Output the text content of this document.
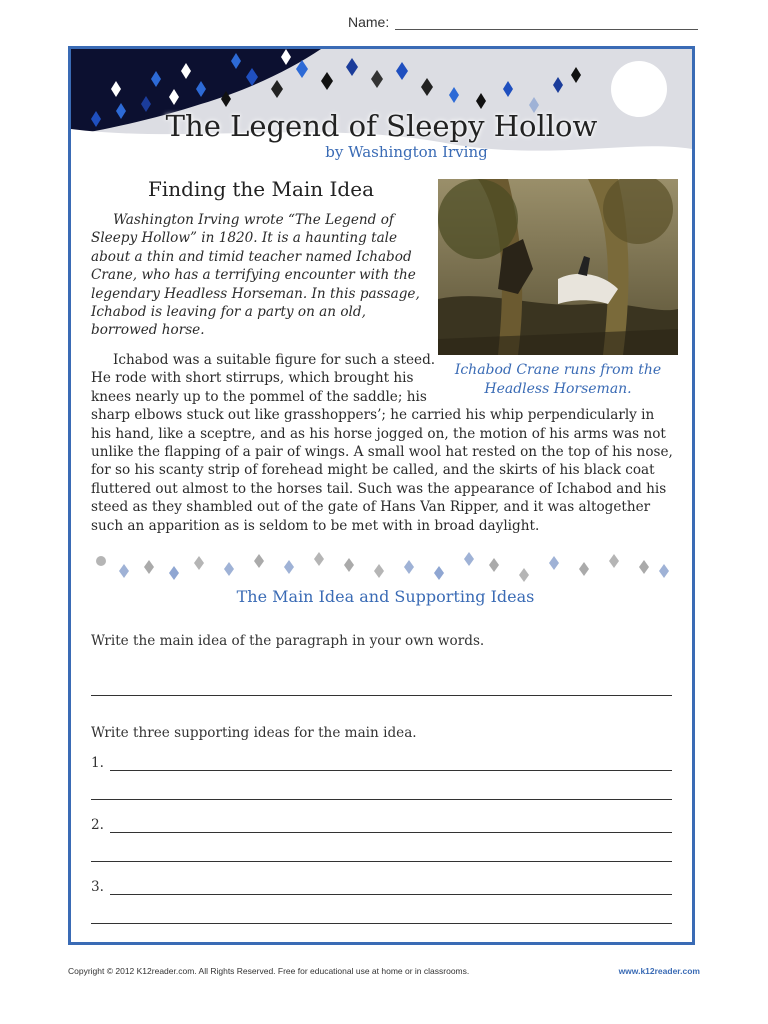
Name:
The Legend of Sleepy Hollow
by Washington Irving
Finding the Main Idea
Ichabod Crane runs from the Headless Horseman.

Washington Irving wrote “The Legend of Sleepy Hollow” in 1820. It is a haunting tale about a thin and timid teacher named Ichabod Crane, who has a terrifying encounter with the legendary Headless Horseman. In this passage, Ichabod is leaving for a party on an old, borrowed horse.

Ichabod was a suitable figure for such a steed. He rode with short stirrups, which brought his knees nearly up to the pommel of the saddle; his sharp elbows stuck out like grasshoppers’; he carried his whip perpendicularly in his hand, like a sceptre, and as his horse jogged on, the motion of his arms was not unlike the flapping of a pair of wings. A small wool hat rested on the top of his nose, for so his scanty strip of forehead might be called, and the skirts of his black coat fluttered out almost to the horses tail. Such was the appearance of Ichabod and his steed as they shambled out of the gate of Hans Van Ripper, and it was altogether such an apparition as is seldom to be met with in broad daylight.

The Main Idea and Supporting Ideas
Write the main idea of the paragraph in your own words.
Write three supporting ideas for the main idea.
1.
2.
3.
Copyright © 2012 K12reader.com. All Rights Reserved. Free for educational use at home or in classrooms.	www.k12reader.com
